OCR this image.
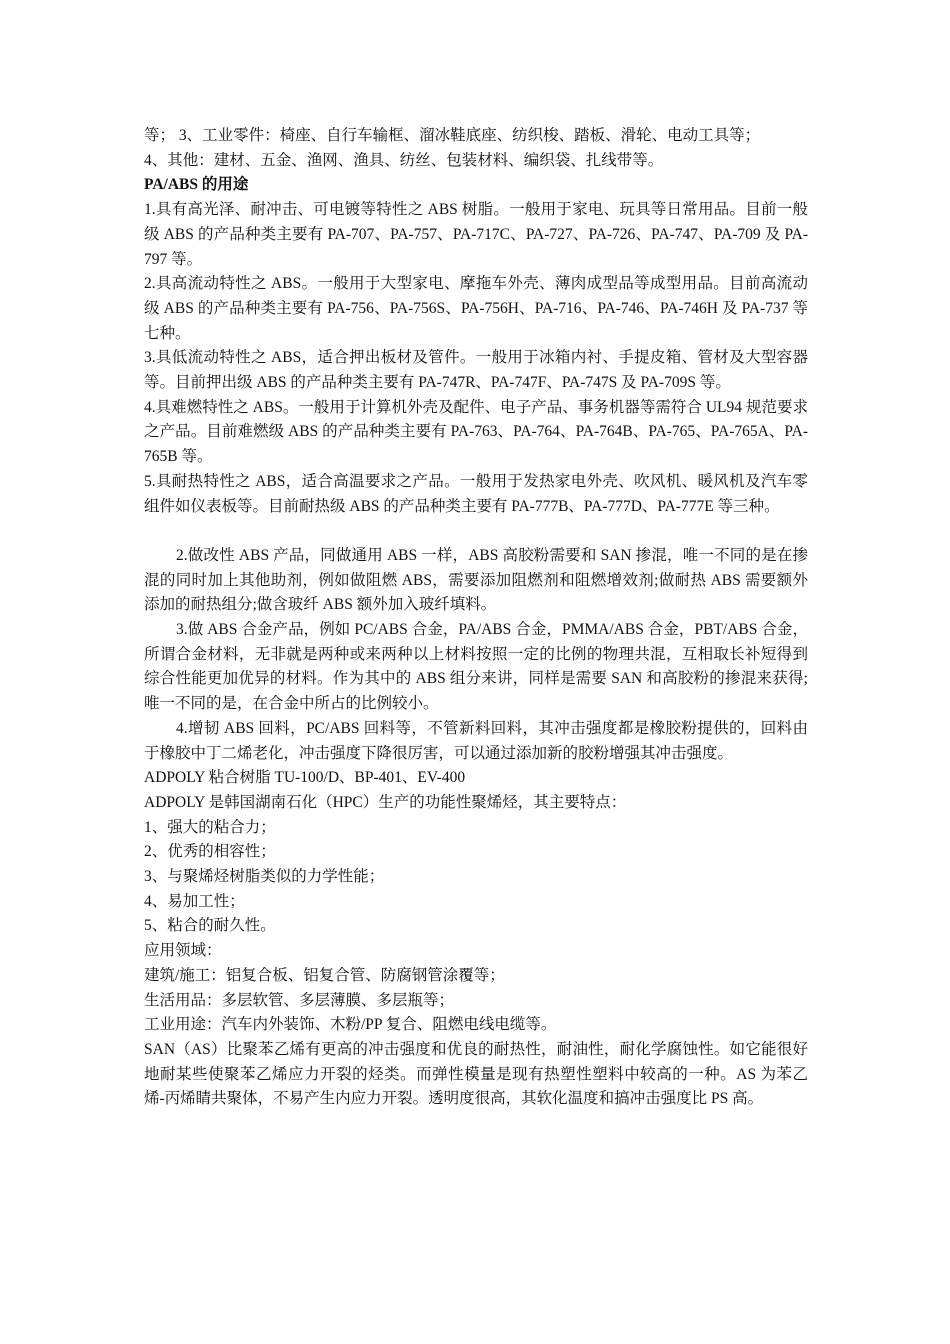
等； 3、工业零件：椅座、自行车输框、溜冰鞋底座、纺织梭、踏板、滑轮、电动工具等；

4、其他：建材、五金、渔网、渔具、纺丝、包装材料、编织袋、扎线带等。

PA/ABS 的用途

1.具有高光泽、耐冲击、可电镀等特性之 ABS 树脂。一般用于家电、玩具等日常用品。目前一般级 ABS 的产品种类主要有 PA-707、PA-757、PA-717C、PA-727、PA-726、PA-747、PA-709 及 PA-797 等。

2.具高流动特性之 ABS。一般用于大型家电、摩拖车外壳、薄肉成型品等成型用品。目前高流动级 ABS 的产品种类主要有 PA-756、PA-756S、PA-756H、PA-716、PA-746、PA-746H 及 PA-737 等七种。

3.具低流动特性之 ABS，适合押出板材及管件。一般用于冰箱内衬、手提皮箱、管材及大型容器等。目前押出级 ABS 的产品种类主要有 PA-747R、PA-747F、PA-747S 及 PA-709S 等。

4.具难燃特性之 ABS。一般用于计算机外壳及配件、电子产品、事务机器等需符合 UL94 规范要求之产品。目前难燃级 ABS 的产品种类主要有 PA-763、PA-764、PA-764B、PA-765、PA-765A、PA-765B 等。

5.具耐热特性之 ABS，适合高温要求之产品。一般用于发热家电外壳、吹风机、暖风机及汽车零组件如仪表板等。目前耐热级 ABS 的产品种类主要有 PA-777B、PA-777D、PA-777E 等三种。

2.做改性 ABS 产品，同做通用 ABS 一样，ABS 高胶粉需要和 SAN 掺混，唯一不同的是在掺混的同时加上其他助剂，例如做阻燃 ABS，需要添加阻燃剂和阻燃增效剂;做耐热 ABS 需要额外添加的耐热组分;做含玻纤 ABS 额外加入玻纤填料。

3.做 ABS 合金产品，例如 PC/ABS 合金，PA/ABS 合金，PMMA/ABS 合金，PBT/ABS 合金，所谓合金材料，无非就是两种或来两种以上材料按照一定的比例的物理共混，互相取长补短得到综合性能更加优异的材料。作为其中的 ABS 组分来讲，同样是需要 SAN 和高胶粉的掺混来获得;唯一不同的是，在合金中所占的比例较小。

4.增韧 ABS 回料，PC/ABS 回料等，不管新料回料，其冲击强度都是橡胶粉提供的，回料由于橡胶中丁二烯老化，冲击强度下降很厉害，可以通过添加新的胶粉增强其冲击强度。

ADPOLY 粘合树脂 TU-100/D、BP-401、EV-400

ADPOLY 是韩国湖南石化（HPC）生产的功能性聚烯烃，其主要特点：

1、强大的粘合力；

2、优秀的相容性；

3、与聚烯烃树脂类似的力学性能；

4、易加工性；

5、粘合的耐久性。

应用领域：

建筑/施工：铝复合板、铝复合管、防腐钢管涂覆等；

生活用品：多层软管、多层薄膜、多层瓶等；

工业用途：汽车内外装饰、木粉/PP 复合、阻燃电线电缆等。

SAN（AS）比聚苯乙烯有更高的冲击强度和优良的耐热性，耐油性，耐化学腐蚀性。如它能很好地耐某些使聚苯乙烯应力开裂的烃类。而弹性模量是现有热塑性塑料中较高的一种。AS 为苯乙烯-丙烯睛共聚体，不易产生内应力开裂。透明度很高，其软化温度和搞冲击强度比 PS 高。
